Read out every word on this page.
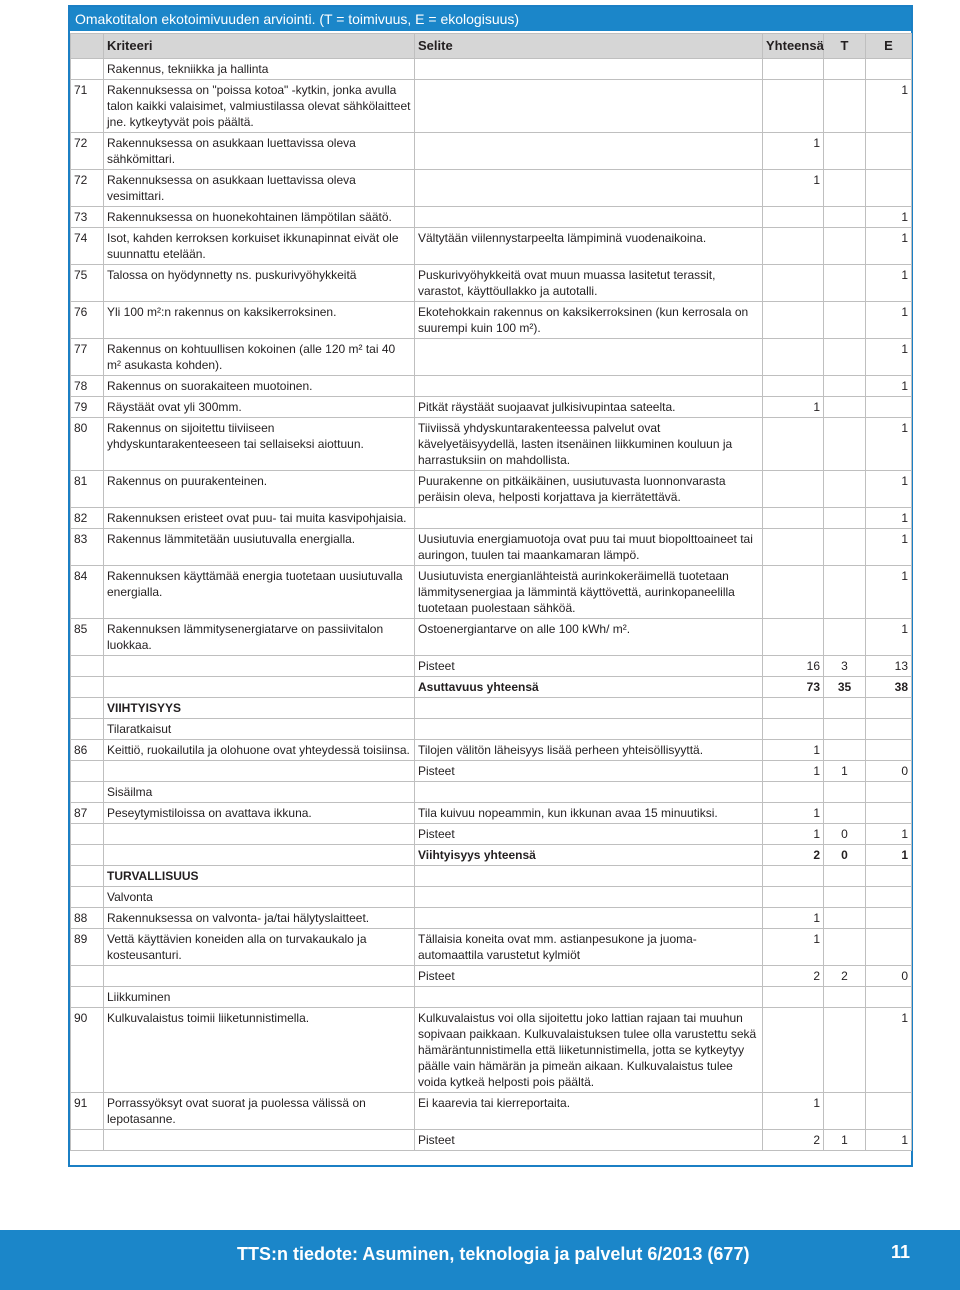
Omakotitalon ekotoimivuuden arviointi. (T = toimivuus, E = ekologisuus)
	Kriteeri	Selite	Yhteensä	T	E
	Rakennus, tekniikka ja hallinta				
71	Rakennuksessa on "poissa kotoa" -kytkin, jonka avulla talon kaikki valaisimet, valmiustilassa olevat sähkölaitteet jne. kytkeytyvät pois päältä.				1
72	Rakennuksessa on asukkaan luettavissa oleva sähkömittari.		1		
72	Rakennuksessa on asukkaan luettavissa oleva vesimittari.		1		
73	Rakennuksessa on huonekohtainen lämpötilan säätö.				1
74	Isot, kahden kerroksen korkuiset ikkunapinnat eivät ole suunnattu etelään.	Vältytään viilennystarpeelta lämpiminä vuodenaikoina.			1
75	Talossa on hyödynnetty ns. puskurivyöhykkeitä	Puskurivyöhykkeitä ovat muun muassa lasitetut terassit, varastot, käyttöullakko ja autotalli.			1
76	Yli 100 m²:n rakennus on kaksikerroksinen.	Ekotehokkain rakennus on kaksikerroksinen (kun kerrosala on suurempi kuin 100 m²).			1
77	Rakennus on kohtuullisen kokoinen (alle 120 m² tai 40 m² asukasta kohden).				1
78	Rakennus on suorakaiteen muotoinen.				1
79	Räystäät ovat yli 300mm.	Pitkät räystäät suojaavat julkisivupintaa sateelta.	1		
80	Rakennus on sijoitettu tiiviiseen yhdyskuntarakenteeseen tai sellaiseksi aiottuun.	Tiiviissä yhdyskuntarakenteessa palvelut ovat kävelyetäisyydellä, lasten itsenäinen liikkuminen kouluun ja harrastuksiin on mahdollista.			1
81	Rakennus on puurakenteinen.	Puurakenne on pitkäikäinen, uusiutuvasta luonnonvarasta peräisin oleva, helposti korjattava ja kierrätettävä.			1
82	Rakennuksen eristeet ovat puu- tai muita kasvipohjaisia.				1
83	Rakennus lämmitetään uusiutuvalla energialla.	Uusiutuvia energiamuotoja ovat puu tai muut biopolttoaineet tai auringon, tuulen tai maankamaran lämpö.			1
84	Rakennuksen käyttämää energia tuotetaan uusiutuvalla energialla.	Uusiutuvista energianlähteistä aurinkokeräimellä tuotetaan lämmitysenergiaa ja lämmintä käyttövettä, aurinkopaneelilla tuotetaan puolestaan sähköä.			1
85	Rakennuksen lämmitysenergiatarve on passiivitalon luokkaa.	Ostoenergiantarve on alle 100 kWh/ m².			1
		Pisteet	16	3	13
		Asuttavuus yhteensä	73	35	38
	VIIHTYISYYS				
	Tilaratkaisut				
86	Keittiö, ruokailutila ja olohuone ovat yhteydessä toisiinsa.	Tilojen välitön läheisyys lisää perheen yhteisöllisyyttä.	1		
		Pisteet	1	1	0
	Sisäilma				
87	Peseytymistiloissa on avattava ikkuna.	Tila kuivuu nopeammin, kun ikkunan avaa 15 minuutiksi.	1		
		Pisteet	1	0	1
		Viihtyisyys yhteensä	2	0	1
	TURVALLISUUS				
	Valvonta				
88	Rakennuksessa on valvonta- ja/tai hälytyslaitteet.		1		
89	Vettä käyttävien koneiden alla on turvakaukalo ja kosteusanturi.	Tällaisia koneita ovat mm. astianpesukone ja juoma-automaattila varustetut kylmiöt	1		
		Pisteet	2	2	0
	Liikkuminen				
90	Kulkuvalaistus toimii liiketunnistimella.	Kulkuvalaistus voi olla sijoitettu joko lattian rajaan tai muuhun sopivaan paikkaan. Kulkuvalaistuksen tulee olla varustettu sekä hämäräntunnistimella että liiketunnistimella, jotta se kytkeytyy päälle vain hämärän ja pimeän aikaan. Kulkuvalaistus tulee voida kytkeä helposti pois päältä.			1
91	Porrassyöksyt ovat suorat ja puolessa välissä on lepotasanne.	Ei kaarevia tai kierreportaita.	1		
		Pisteet	2	1	1
TTS:n tiedote: Asuminen, teknologia ja palvelut 6/2013 (677)	11
